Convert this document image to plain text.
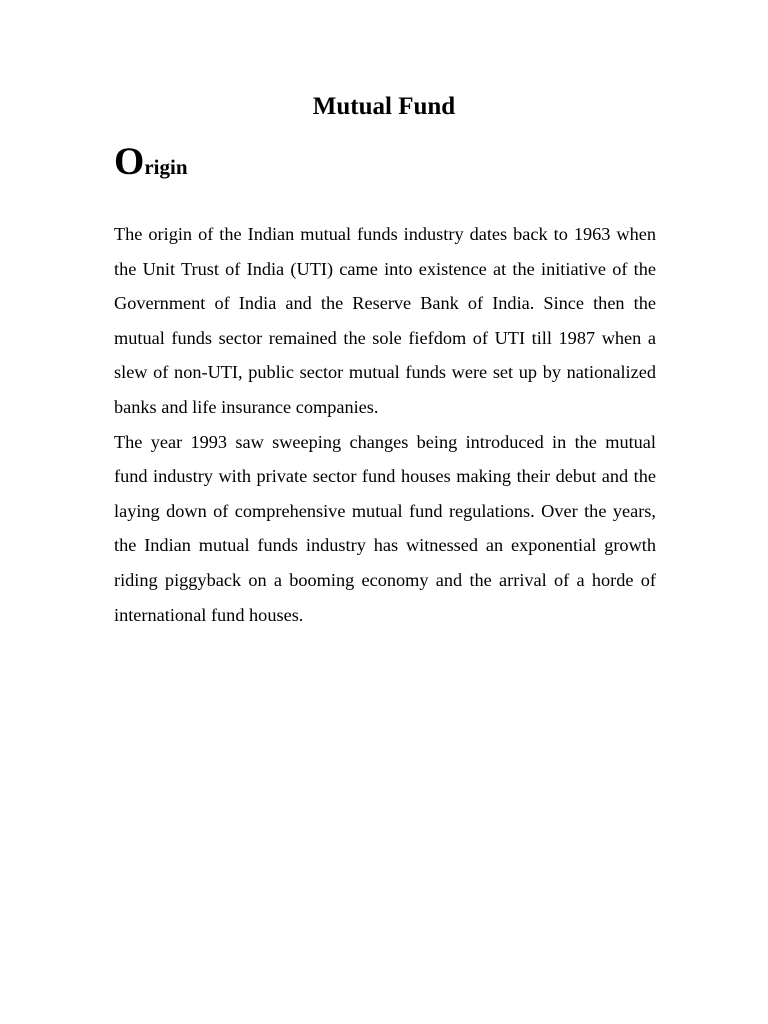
Mutual Fund
Origin

The origin of the Indian mutual funds industry dates back to 1963 when the Unit Trust of India (UTI) came into existence at the initiative of the Government of India and the Reserve Bank of India. Since then the mutual funds sector remained the sole fiefdom of UTI till 1987 when a slew of non-UTI, public sector mutual funds were set up by nationalized banks and life insurance companies.

The year 1993 saw sweeping changes being introduced in the mutual fund industry with private sector fund houses making their debut and the laying down of comprehensive mutual fund regulations. Over the years, the Indian mutual funds industry has witnessed an exponential growth riding piggyback on a booming economy and the arrival of a horde of international fund houses.
